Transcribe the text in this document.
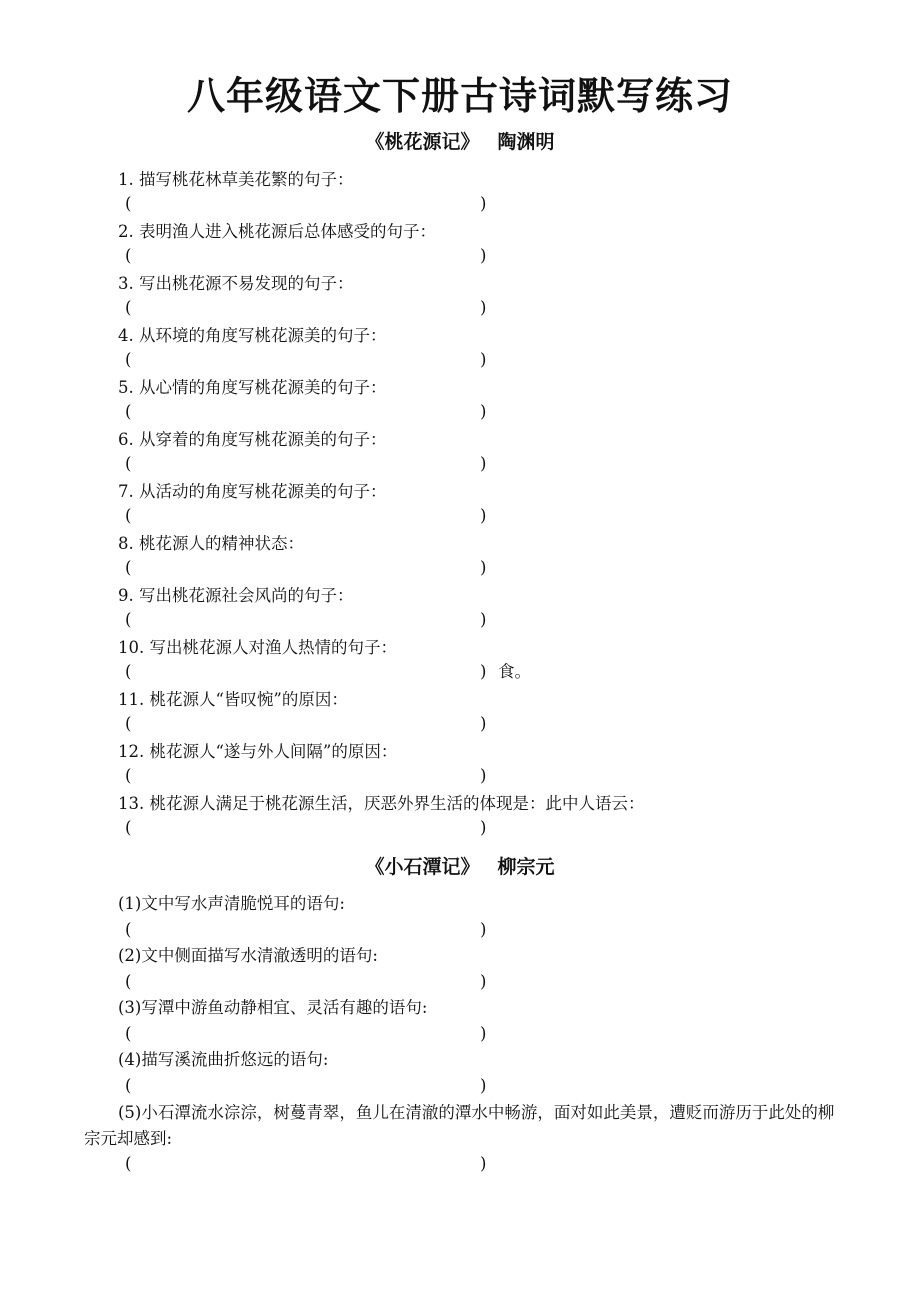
八年级语文下册古诗词默写练习
《桃花源记》 陶渊明
1. 描写桃花林草美花繁的句子：
(	)
2. 表明渔人进入桃花源后总体感受的句子：
(	)
3. 写出桃花源不易发现的句子：
(	)
4. 从环境的角度写桃花源美的句子：
(	)
5. 从心情的角度写桃花源美的句子：
(	)
6. 从穿着的角度写桃花源美的句子：
(	)
7. 从活动的角度写桃花源美的句子：
(	)
8. 桃花源人的精神状态：
(	)
9. 写出桃花源社会风尚的句子：
(	)
10. 写出桃花源人对渔人热情的句子：
(	) 食。
11. 桃花源人“皆叹惋”的原因：
(	)
12. 桃花源人“遂与外人间隔”的原因：
(	)
13. 桃花源人满足于桃花源生活，厌恶外界生活的体现是：此中人语云：
(	)
《小石潭记》 柳宗元
(1)文中写水声清脆悦耳的语句:
(	)
(2)文中侧面描写水清澈透明的语句:
(	)
(3)写潭中游鱼动静相宜、灵活有趣的语句:
(	)
(4)描写溪流曲折悠远的语句:
(	)
(5)小石潭流水淙淙，树蔓青翠，鱼儿在清澈的潭水中畅游，面对如此美景，遭贬而游历于此处的柳宗元却感到:
(	)
